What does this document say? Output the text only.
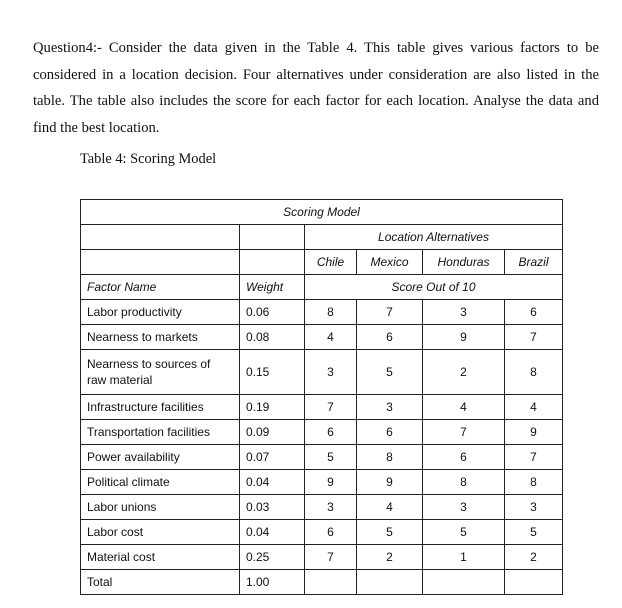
Question4:- Consider the data given in the Table 4. This table gives various factors to be considered in a location decision. Four alternatives under consideration are also listed in the table. The table also includes the score for each factor for each location. Analyse the data and find the best location.

Table 4: Scoring Model

Scoring Model					
		Location Alternatives			
		Chile	Mexico	Honduras	Brazil
Factor Name	Weight	Score Out of 10			
Labor productivity	0.06	8	7	3	6
Nearness to markets	0.08	4	6	9	7
Nearness to sources of raw material	0.15	3	5	2	8
Infrastructure facilities	0.19	7	3	4	4
Transportation facilities	0.09	6	6	7	9
Power availability	0.07	5	8	6	7
Political climate	0.04	9	9	8	8
Labor unions	0.03	3	4	3	3
Labor cost	0.04	6	5	5	5
Material cost	0.25	7	2	1	2
Total	1.00				
